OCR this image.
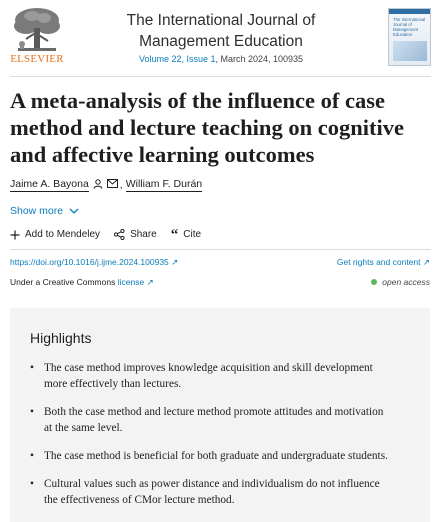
ELSEVIER
The International Journal of Management Education
Volume 22, Issue 1, March 2024, 100935
The International Journal of Management Education
A meta-analysis of the influence of case method and lecture teaching on cognitive and affective learning outcomes
Jaime A. Bayona	, William F. Durán
Show more
Add to Mendeley	Share “ Cite
https://doi.org/10.1016/j.ijme.2024.100935 ↗	Get rights and content ↗
Under a Creative Commons license ↗	open access
Highlights
• The case method improves knowledge acquisition and skill development more effectively than lectures.
• Both the case method and lecture method promote attitudes and motivation at the same level.
• The case method is beneficial for both graduate and undergraduate students.
• Cultural values such as power distance and individualism do not influence the effectiveness of CMor lecture method.
